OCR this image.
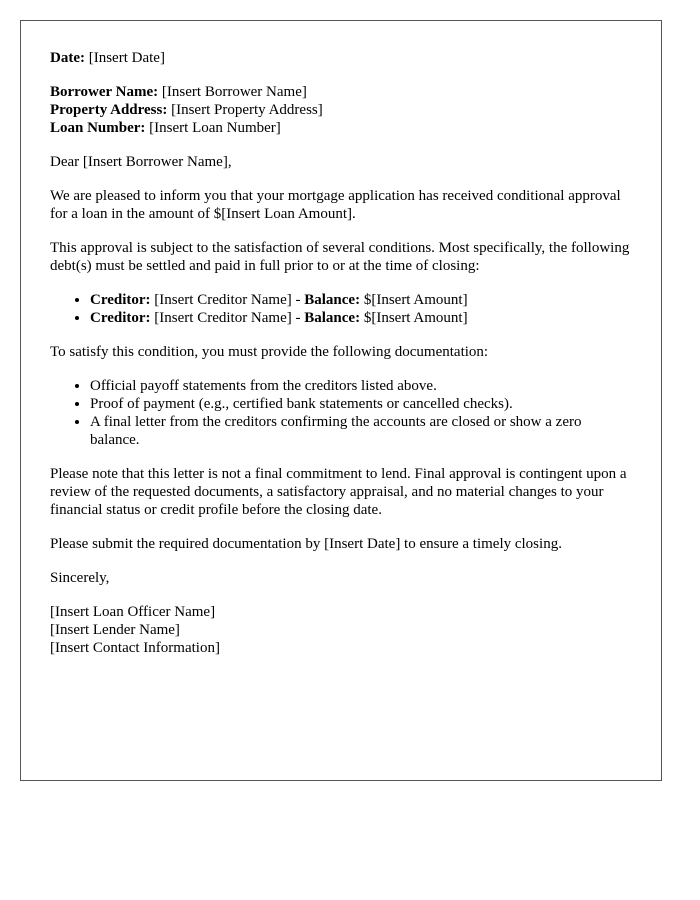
Date: [Insert Date]

Borrower Name: [Insert Borrower Name]
Property Address: [Insert Property Address]
Loan Number: [Insert Loan Number]

Dear [Insert Borrower Name],

We are pleased to inform you that your mortgage application has received conditional approval for a loan in the amount of $[Insert Loan Amount].

This approval is subject to the satisfaction of several conditions. Most specifically, the following debt(s) must be settled and paid in full prior to or at the time of closing:

• Creditor: [Insert Creditor Name] - Balance: $[Insert Amount]
• Creditor: [Insert Creditor Name] - Balance: $[Insert Amount]

To satisfy this condition, you must provide the following documentation:

• Official payoff statements from the creditors listed above.
• Proof of payment (e.g., certified bank statements or cancelled checks).
• A final letter from the creditors confirming the accounts are closed or show a zero balance.

Please note that this letter is not a final commitment to lend. Final approval is contingent upon a review of the requested documents, a satisfactory appraisal, and no material changes to your financial status or credit profile before the closing date.

Please submit the required documentation by [Insert Date] to ensure a timely closing.

Sincerely,

[Insert Loan Officer Name]
[Insert Lender Name]
[Insert Contact Information]
